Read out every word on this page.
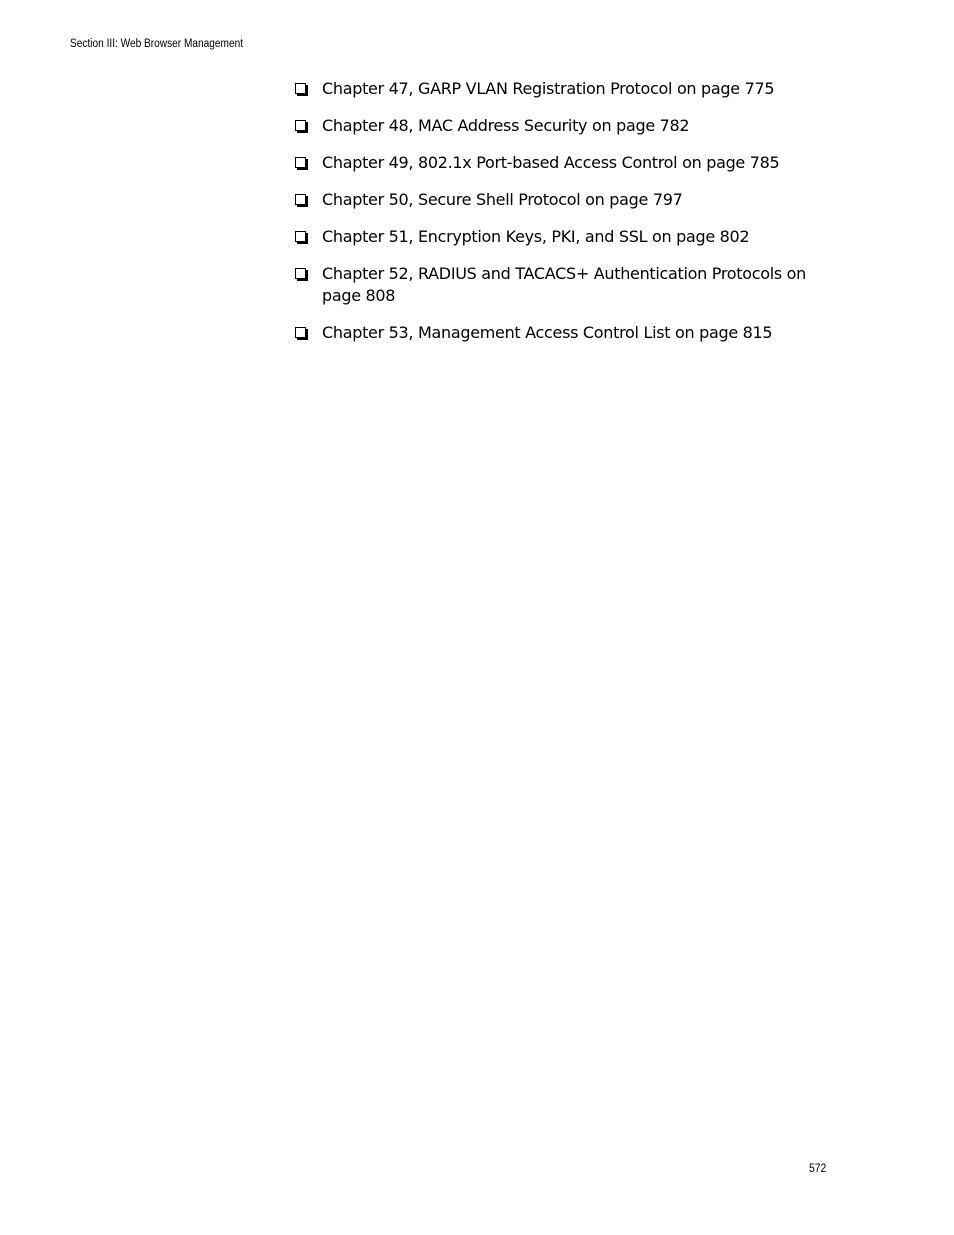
Section III: Web Browser Management
Chapter 47, GARP VLAN Registration Protocol on page 775
Chapter 48, MAC Address Security on page 782
Chapter 49, 802.1x Port-based Access Control on page 785
Chapter 50, Secure Shell Protocol on page 797
Chapter 51, Encryption Keys, PKI, and SSL on page 802
Chapter 52, RADIUS and TACACS+ Authentication Protocols on page 808
Chapter 53, Management Access Control List on page 815
572
